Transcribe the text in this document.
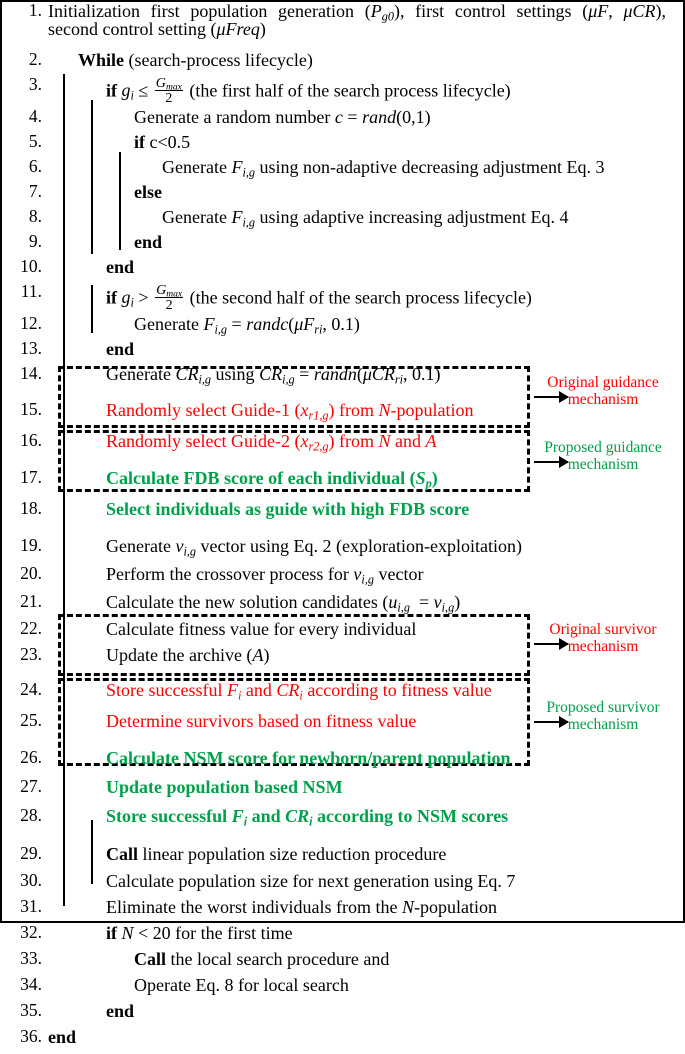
Original guidance
mechanism
Proposed guidance
mechanism
Original survivor
mechanism
Proposed survivor
mechanism
1. Initialization first population generation $(P_{g0})$, first control settings (μF, μCR),
second control setting (μFreq)
2.	While (search-process lifecycle)
3.	if $g_i \le \frac{G_{max}}{2} (the$ first half of the search process lifecycle)
4.	Generate a random number c = rand(0,1)
5.	if c<0.5
6.	Generate $F_{i,g}$ using non-adaptive decreasing adjustment Eq. 3
7.	else
8.	Generate $F_{i,g}$ using adaptive increasing adjustment Eq. 4
9.	end
10.	end
11.	if $g_i > \frac{G_{max}}{2} (the$ second half of the search process lifecycle)
12.	Generate $F_{i,g}$ = $randc(\mu F_{ri}$, 0.1)
13.	end
14.	Generate $CR_{i,g}$ using $CR_{i,g}$ = randn(μCR$_{ri}$, 0.1)
15.	Randomly select Guide-1 $(x_{r1,g})$ from N-population
16.	Randomly select Guide-2 $(x_{r2,g})$ from N and A
17.	Calculate FDB score of each individual $(S_p)$
18.	Select individuals as guide with high FDB score
19.	Generate $v_{i,g}$ vector using Eq. 2 (exploration-exploitation)
20.	Perform the crossover process for $v_{i,g}$ vector
21.	Calculate the new solution candidates $(u_{i,g} = v_{i,g})$
22.	Calculate fitness value for every individual
23.	Update the archive (A)
24.	Store successful $F_i$ and $CR_i$ according to fitness value
25.	Determine survivors based on fitness value
26.	Calculate NSM score for newborn/parent population
27.	Update population based NSM
28.	Store successful $F_i$ and $CR_i$ according to NSM scores
29.	Call linear population size reduction procedure
30.	Calculate population size for next generation using Eq. 7
31.	Eliminate the worst individuals from the N-population
32.	if N < 20 for the first time
33.	Call the local search procedure and
34.	Operate Eq. 8 for local search
35.	end
36. end
